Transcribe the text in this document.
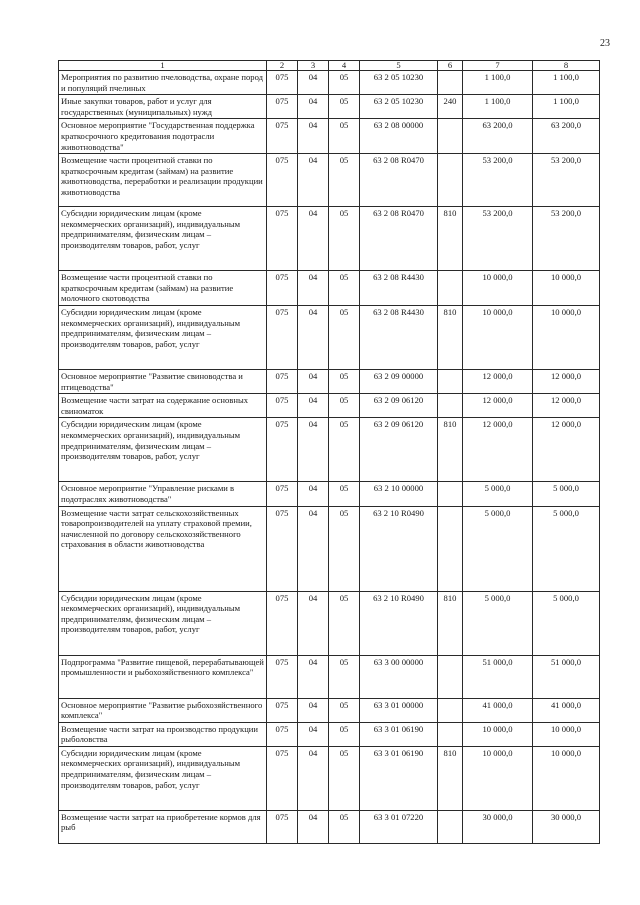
23
1	2	3	4	5	6	7	8
Мероприятия по развитию пчеловодства, охране пород и популяций пчелиных	075	04	05	63 2 05 10230		1 100,0	1 100,0
Иные закупки товаров, работ и услуг для государственных (муниципальных) нужд	075	04	05	63 2 05 10230	240	1 100,0	1 100,0
Основное мероприятие "Государственная поддержка краткосрочного кредитования подотрасли животноводства"	075	04	05	63 2 08 00000		63 200,0	63 200,0
Возмещение части процентной ставки по краткосрочным кредитам (займам) на развитие животноводства, переработки и реализации продукции животноводства	075	04	05	63 2 08 R0470		53 200,0	53 200,0
Субсидии юридическим лицам (кроме некоммерческих организаций), индивидуальным предпринимателям, физическим лицам – производителям товаров, работ, услуг	075	04	05	63 2 08 R0470	810	53 200,0	53 200,0
Возмещение части процентной ставки по краткосрочным кредитам (займам) на развитие молочного скотоводства	075	04	05	63 2 08 R4430		10 000,0	10 000,0
Субсидии юридическим лицам (кроме некоммерческих организаций), индивидуальным предпринимателям, физическим лицам – производителям товаров, работ, услуг	075	04	05	63 2 08 R4430	810	10 000,0	10 000,0
Основное мероприятие "Развитие свиноводства и птицеводства"	075	04	05	63 2 09 00000		12 000,0	12 000,0
Возмещение части затрат на содержание основных свиноматок	075	04	05	63 2 09 06120		12 000,0	12 000,0
Субсидии юридическим лицам (кроме некоммерческих организаций), индивидуальным предпринимателям, физическим лицам – производителям товаров, работ, услуг	075	04	05	63 2 09 06120	810	12 000,0	12 000,0
Основное мероприятие "Управление рисками в подотраслях животноводства"	075	04	05	63 2 10 00000		5 000,0	5 000,0
Возмещение части затрат сельскохозяйственных товаропроизводителей на уплату страховой премии, начисленной по договору сельскохозяйственного страхования в области животноводства	075	04	05	63 2 10 R0490		5 000,0	5 000,0
Субсидии юридическим лицам (кроме некоммерческих организаций), индивидуальным предпринимателям, физическим лицам – производителям товаров, работ, услуг	075	04	05	63 2 10 R0490	810	5 000,0	5 000,0
Подпрограмма "Развитие пищевой, перерабатывающей промышленности и рыбохозяйственного комплекса"	075	04	05	63 3 00 00000		51 000,0	51 000,0
Основное мероприятие "Развитие рыбохозяйственного комплекса"	075	04	05	63 3 01 00000		41 000,0	41 000,0
Возмещение части затрат на производство продукции рыболовства	075	04	05	63 3 01 06190		10 000,0	10 000,0
Субсидии юридическим лицам (кроме некоммерческих организаций), индивидуальным предпринимателям, физическим лицам – производителям товаров, работ, услуг	075	04	05	63 3 01 06190	810	10 000,0	10 000,0
Возмещение части затрат на приобретение кормов для рыб	075	04	05	63 3 01 07220		30 000,0	30 000,0
